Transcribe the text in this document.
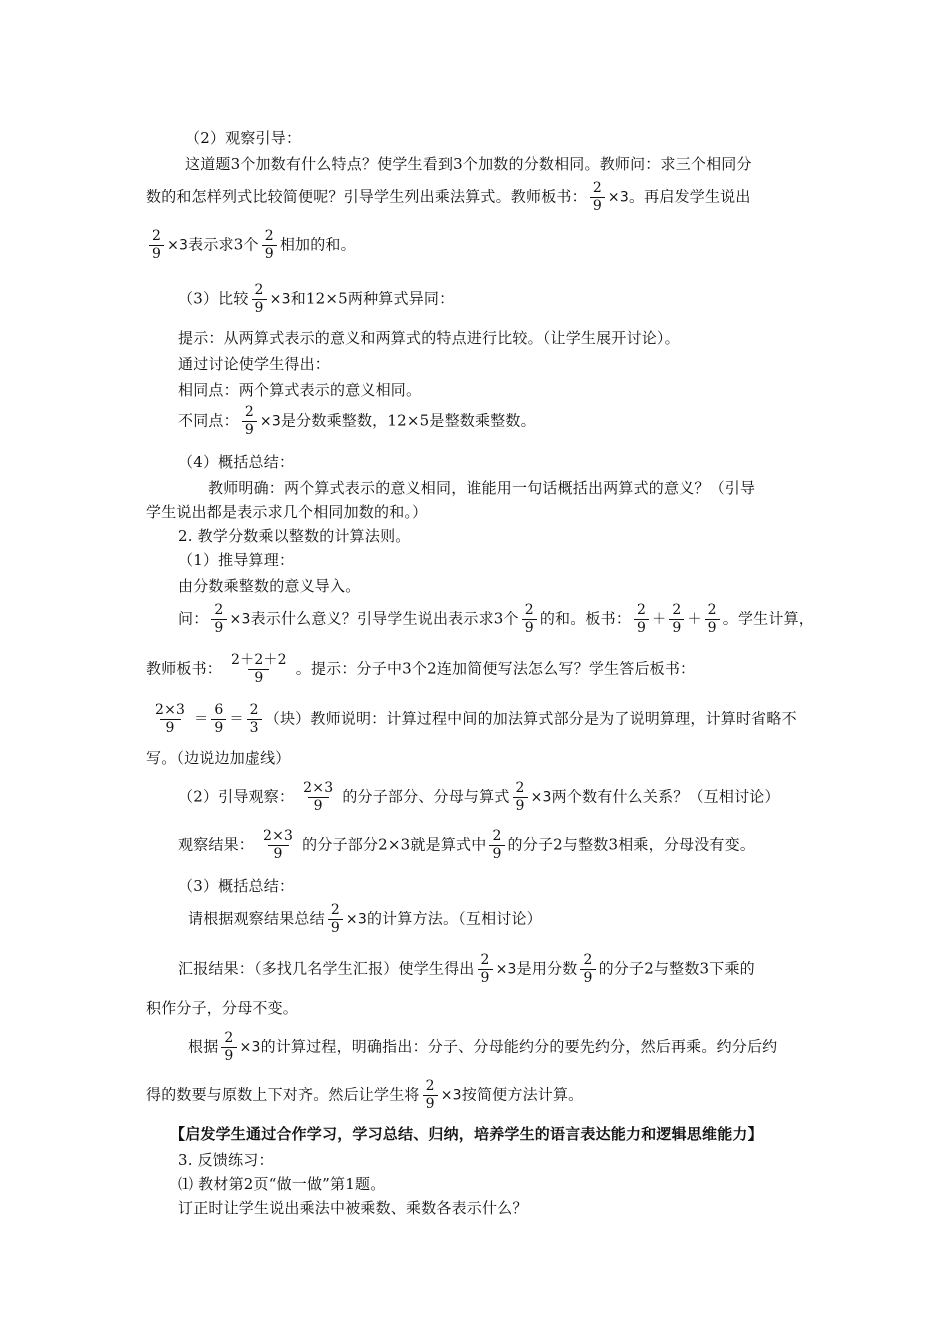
（2）观察引导：
这道题3个加数有什么特点？使学生看到3个加数的分数相同。教师问：求三个相同分
数的和怎样列式比较简便呢？引导学生列出乘法算式。教师板书： $\frac{2}{9} \times 3$。再启发学生说出
$\frac{2}{9} \times 3$表示求3个 $\frac{2}{9}$ 相加的和。
（3）比较 $\frac{2}{9} \times 3$和12×5两种算式异同：
提示：从两算式表示的意义和两算式的特点进行比较。（让学生展开讨论）。
通过讨论使学生得出：
相同点：两个算式表示的意义相同。
不同点： $\frac{2}{9} \times 3$是分数乘整数，12×5是整数乘整数。
（4）概括总结：
教师明确：两个算式表示的意义相同，谁能用一句话概括出两算式的意义？（引导
学生说出都是表示求几个相同加数的和。）
2. 教学分数乘以整数的计算法则。
（1）推导算理：
由分数乘整数的意义导入。
问： $\frac{2}{9} \times 3$表示什么意义？引导学生说出表示求3个 $\frac{2}{9}$ 的和。板书： $\frac{2}{9} + \frac{2}{9} + \frac{2}{9}$ 。学生计算，
教师板书： $\frac{2+2+2}{9}$ 。提示：分子中3个2连加简便写法怎么写？学生答后板书：
$\frac{2\times 3}{9} = \frac{6}{9} = \frac{2}{3}$ （块）教师说明：计算过程中间的加法算式部分是为了说明算理，计算时省略不
写。（边说边加虚线）
（2）引导观察： $\frac{2\times 3}{9}$ 的分子部分、分母与算式 $\frac{2}{9} \times 3$两个数有什么关系？（互相讨论）
观察结果： $\frac{2\times 3}{9}$ 的分子部分2×3就是算式中 $\frac{2}{9}$ 的分子2与整数3相乘，分母没有变。
（3）概括总结：
请根据观察结果总结 $\frac{2}{9} \times 3$的计算方法。（互相讨论）
汇报结果：（多找几名学生汇报）使学生得出 $\frac{2}{9} \times 3$是用分数 $\frac{2}{9}$ 的分子2与整数3下乘的
积作分子，分母不变。
根据 $\frac{2}{9} \times 3$的计算过程，明确指出：分子、分母能约分的要先约分，然后再乘。约分后约
得的数要与原数上下对齐。然后让学生将 $\frac{2}{9} \times 3$按简便方法计算。
【启发学生通过合作学习，学习总结、归纳，培养学生的语言表达能力和逻辑思维能力】
3. 反馈练习：
⑴ 教材第2页“做一做”第1题。
订正时让学生说出乘法中被乘数、乘数各表示什么？
